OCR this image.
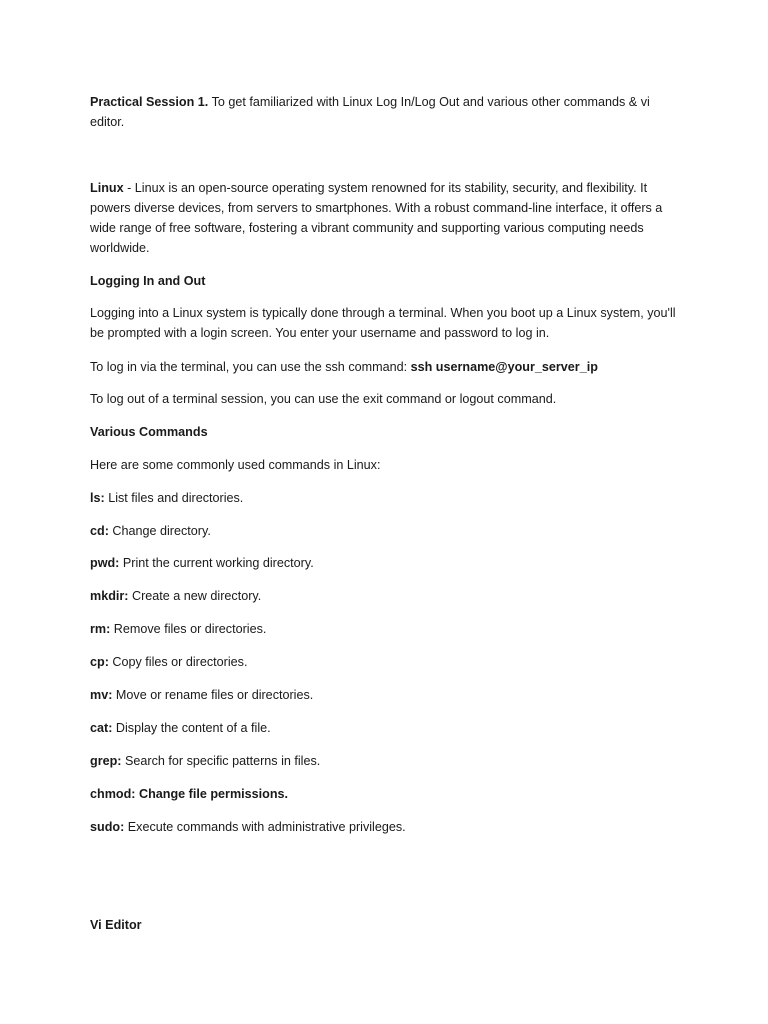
Practical Session 1. To get familiarized with Linux Log In/Log Out and various other commands & vi editor.

Linux - Linux is an open-source operating system renowned for its stability, security, and flexibility. It powers diverse devices, from servers to smartphones. With a robust command-line interface, it offers a wide range of free software, fostering a vibrant community and supporting various computing needs worldwide.

Logging In and Out

Logging into a Linux system is typically done through a terminal. When you boot up a Linux system, you'll be prompted with a login screen. You enter your username and password to log in.

To log in via the terminal, you can use the ssh command: ssh username@your_server_ip

To log out of a terminal session, you can use the exit command or logout command.

Various Commands

Here are some commonly used commands in Linux:

ls: List files and directories.

cd: Change directory.

pwd: Print the current working directory.

mkdir: Create a new directory.

rm: Remove files or directories.

cp: Copy files or directories.

mv: Move or rename files or directories.

cat: Display the content of a file.

grep: Search for specific patterns in files.

chmod: Change file permissions.

sudo: Execute commands with administrative privileges.

Vi Editor
